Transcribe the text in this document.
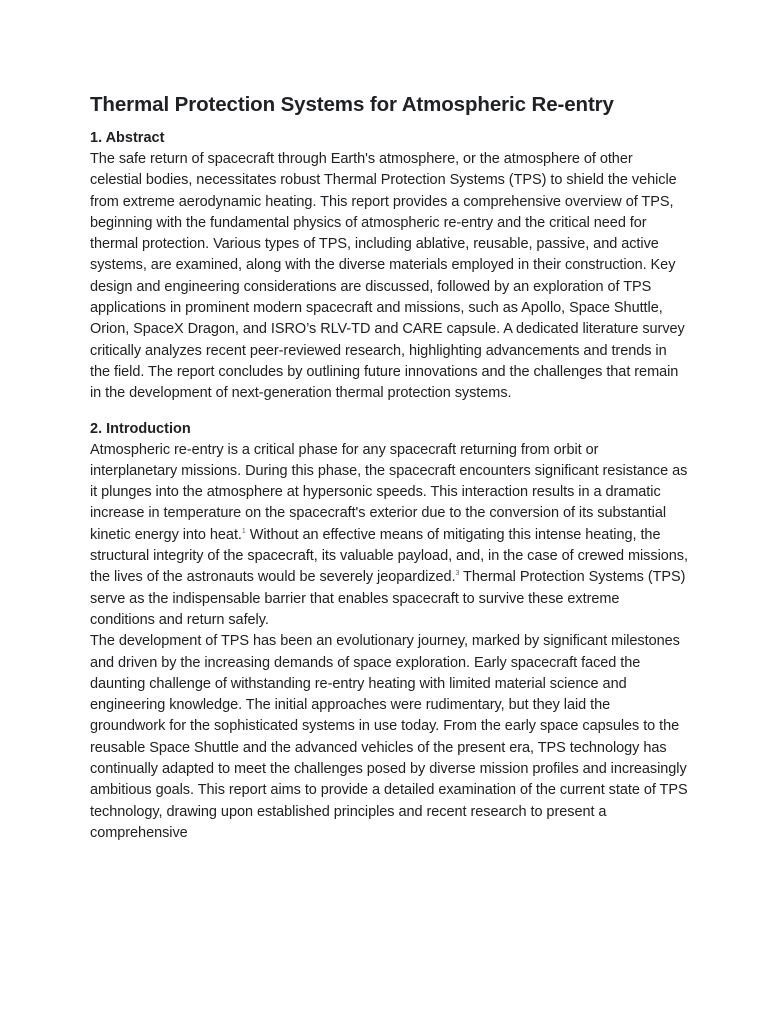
Thermal Protection Systems for Atmospheric Re-entry
1. Abstract

The safe return of spacecraft through Earth's atmosphere, or the atmosphere of other celestial bodies, necessitates robust Thermal Protection Systems (TPS) to shield the vehicle from extreme aerodynamic heating. This report provides a comprehensive overview of TPS, beginning with the fundamental physics of atmospheric re-entry and the critical need for thermal protection. Various types of TPS, including ablative, reusable, passive, and active systems, are examined, along with the diverse materials employed in their construction. Key design and engineering considerations are discussed, followed by an exploration of TPS applications in prominent modern spacecraft and missions, such as Apollo, Space Shuttle, Orion, SpaceX Dragon, and ISRO’s RLV-TD and CARE capsule. A dedicated literature survey critically analyzes recent peer-reviewed research, highlighting advancements and trends in the field. The report concludes by outlining future innovations and the challenges that remain in the development of next-generation thermal protection systems.

2. Introduction

Atmospheric re-entry is a critical phase for any spacecraft returning from orbit or interplanetary missions. During this phase, the spacecraft encounters significant resistance as it plunges into the atmosphere at hypersonic speeds. This interaction results in a dramatic increase in temperature on the spacecraft's exterior due to the conversion of its substantial kinetic energy into heat.$^1$ Without an effective means of mitigating this intense heating, the structural integrity of the spacecraft, its valuable payload, and, in the case of crewed missions, the lives of the astronauts would be severely jeopardized.$^3$ Thermal Protection Systems (TPS) serve as the indispensable barrier that enables spacecraft to survive these extreme conditions and return safely.

The development of TPS has been an evolutionary journey, marked by significant milestones and driven by the increasing demands of space exploration. Early spacecraft faced the daunting challenge of withstanding re-entry heating with limited material science and engineering knowledge. The initial approaches were rudimentary, but they laid the groundwork for the sophisticated systems in use today. From the early space capsules to the reusable Space Shuttle and the advanced vehicles of the present era, TPS technology has continually adapted to meet the challenges posed by diverse mission profiles and increasingly ambitious goals. This report aims to provide a detailed examination of the current state of TPS technology, drawing upon established principles and recent research to present a comprehensive
